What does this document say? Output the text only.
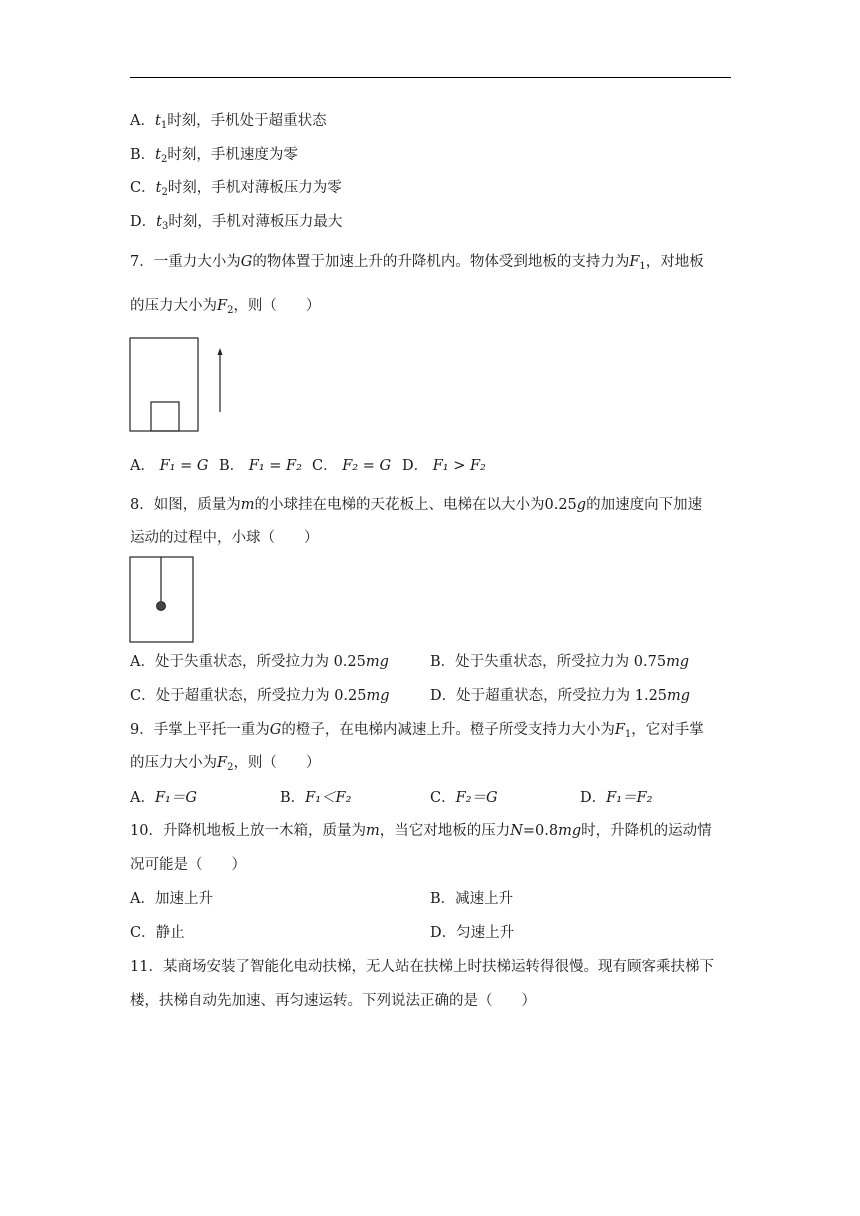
A．$t_1$时刻，手机处于超重状态
B．$t_2$时刻，手机速度为零
C．$t_2$时刻，手机对薄板压力为零
D．$t_3$时刻，手机对薄板压力最大
7．一重力大小为G的物体置于加速上升的升降机内。物体受到地板的支持力为$F_1$，对地板
的压力大小为$F_2$，则（　　）
A． F₁ = G B． F₁ = F₂ C． F₂ = G D． F₁ > F₂
8．如图，质量为m的小球挂在电梯的天花板上、电梯在以大小为0.25g的加速度向下加速
运动的过程中，小球（　　）
A．处于失重状态，所受拉力为 0.25mg	B．处于失重状态，所受拉力为 0.75mg
C．处于超重状态，所受拉力为 0.25mg	D．处于超重状态，所受拉力为 1.25mg
9．手掌上平托一重为G的橙子，在电梯内减速上升。橙子所受支持力大小为$F_1$，它对手掌
的压力大小为$F_2$，则（　　）
A．F₁＝G	B．F₁＜F₂	C．F₂＝G	D．F₁＝F₂
10．升降机地板上放一木箱，质量为m，当它对地板的压力N=0.8mg时，升降机的运动情
况可能是（　　）
A．加速上升	B．减速上升
C．静止	D．匀速上升
11．某商场安装了智能化电动扶梯，无人站在扶梯上时扶梯运转得很慢。现有顾客乘扶梯下
楼，扶梯自动先加速、再匀速运转。下列说法正确的是（　　）
